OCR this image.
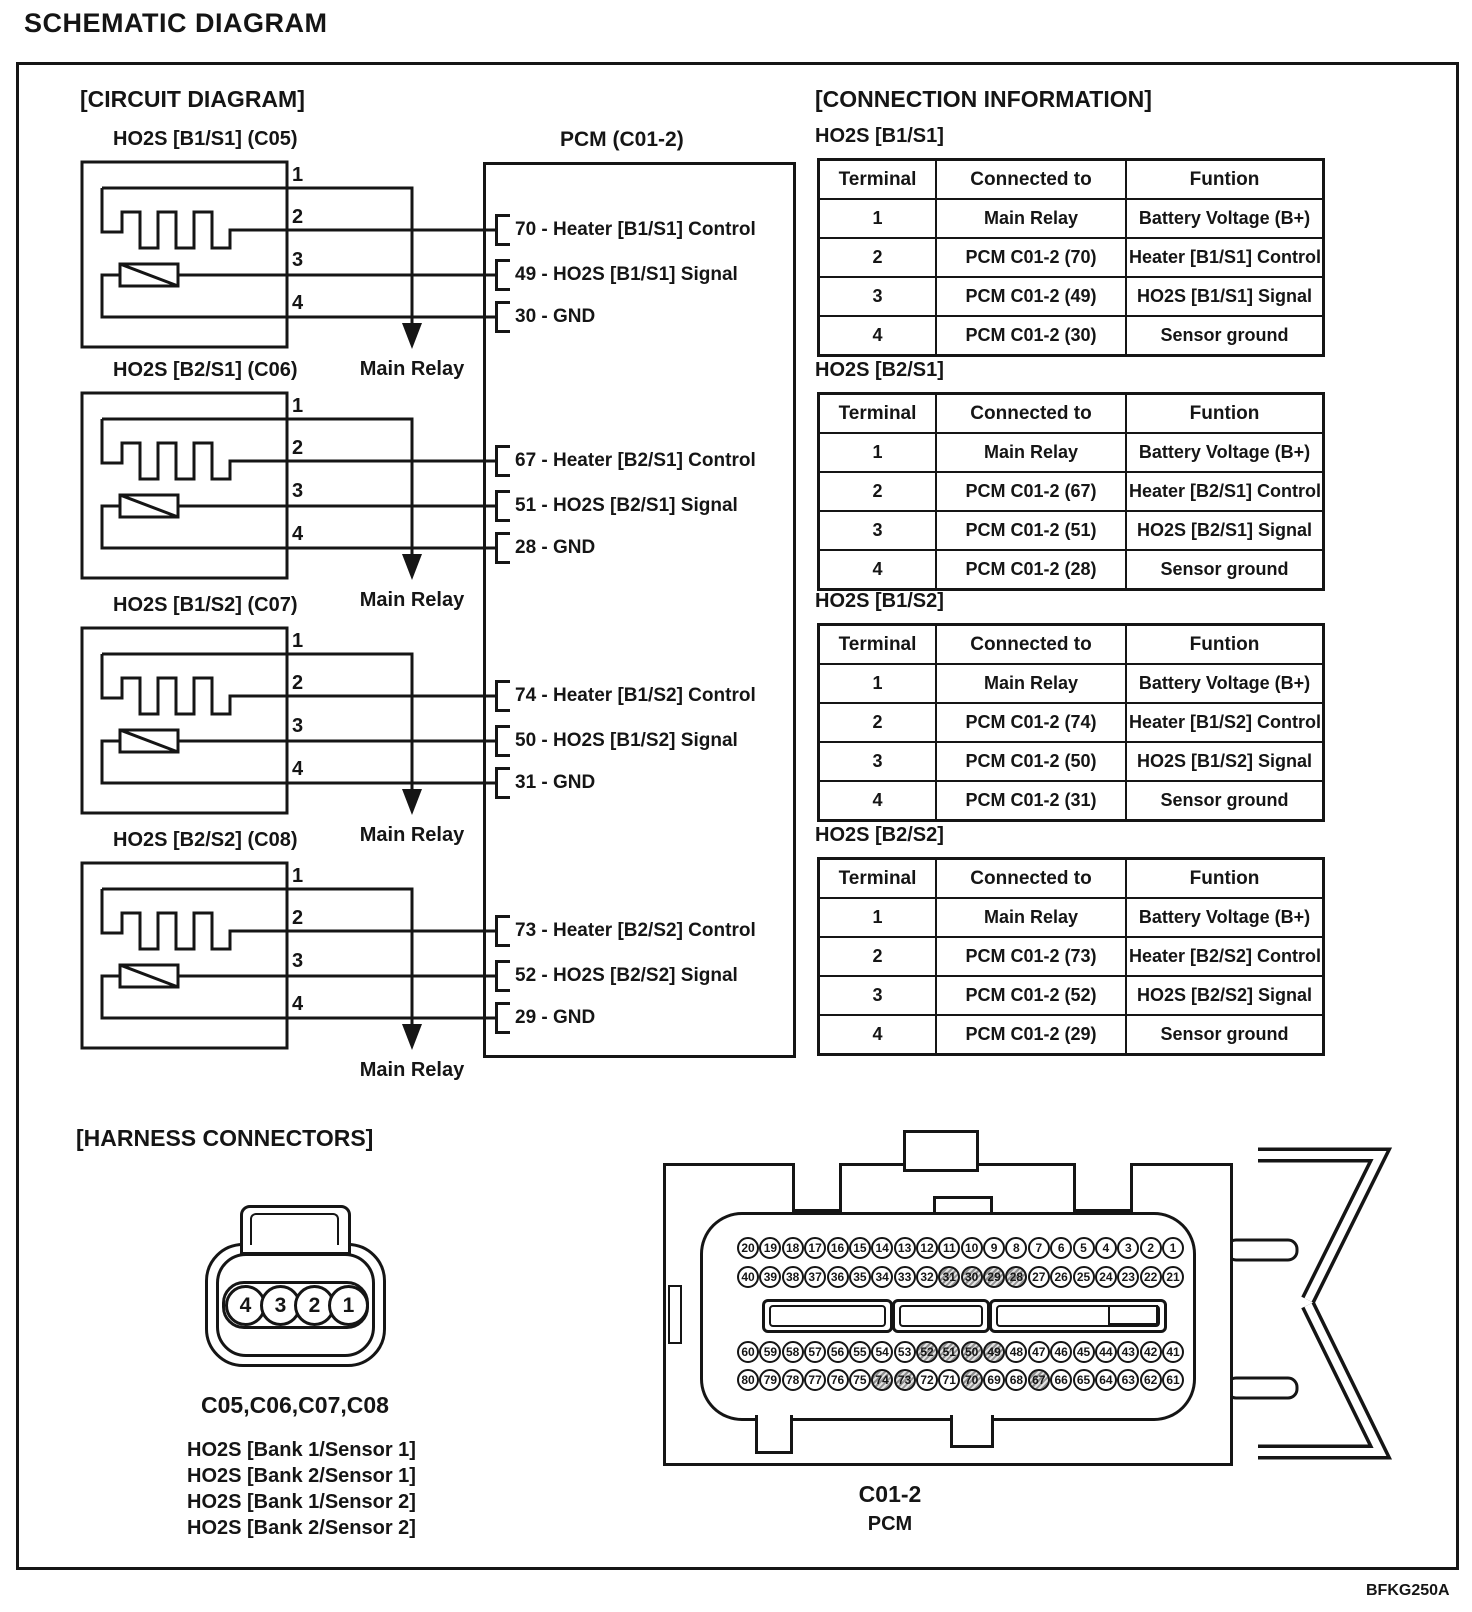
SCHEMATIC DIAGRAM
[CIRCUIT DIAGRAM]	[CONNECTION INFORMATION]
PCM (C01-2)
HO2S [B1/S1] (C05)
1
2
3
4
70 - Heater [B1/S1] Control
49 - HO2S [B1/S1] Signal
30 - GND
Main Relay
HO2S [B2/S1] (C06)
1
2
3
4
67 - Heater [B2/S1] Control
51 - HO2S [B2/S1] Signal
28 - GND
Main Relay
HO2S [B1/S2] (C07)
1
2
3
4
74 - Heater [B1/S2] Control
50 - HO2S [B1/S2] Signal
31 - GND
Main Relay
HO2S [B2/S2] (C08)
1
2
3
4
73 - Heater [B2/S2] Control
52 - HO2S [B2/S2] Signal
29 - GND
Main Relay
HO2S [B1/S1]
Terminal	Connected to	Funtion
1	Main Relay	Battery Voltage (B+)
2	PCM C01-2 (70)	Heater [B1/S1] Control
3	PCM C01-2 (49)	HO2S [B1/S1] Signal
4	PCM C01-2 (30)	Sensor ground
HO2S [B2/S1]
Terminal	Connected to	Funtion
1	Main Relay	Battery Voltage (B+)
2	PCM C01-2 (67)	Heater [B2/S1] Control
3	PCM C01-2 (51)	HO2S [B2/S1] Signal
4	PCM C01-2 (28)	Sensor ground
HO2S [B1/S2]
Terminal	Connected to	Funtion
1	Main Relay	Battery Voltage (B+)
2	PCM C01-2 (74)	Heater [B1/S2] Control
3	PCM C01-2 (50)	HO2S [B1/S2] Signal
4	PCM C01-2 (31)	Sensor ground
HO2S [B2/S2]
Terminal	Connected to	Funtion
1	Main Relay	Battery Voltage (B+)
2	PCM C01-2 (73)	Heater [B2/S2] Control
3	PCM C01-2 (52)	HO2S [B2/S2] Signal
4	PCM C01-2 (29)	Sensor ground
[HARNESS CONNECTORS]
4	3	2	1
C05,C06,C07,C08
HO2S [Bank 1/Sensor 1]
HO2S [Bank 2/Sensor 1]
HO2S [Bank 1/Sensor 2]
HO2S [Bank 2/Sensor 2]
20 19 18 17 16 15 14 13 12 11 10	9	8	7	6	5	4	3	2	1
40 39 38 37 36 35 34 33 32 31 30 29 28 27 26 25 24 23 22 21
60 59 58 57 56 55 54 53 52 51 50 49 48 47 46 45 44 43 42 41
80 79 78 77 76 75 74 73 72 71 70 69 68 67 66 65 64 63 62 61
C01-2
PCM
BFKG250A
